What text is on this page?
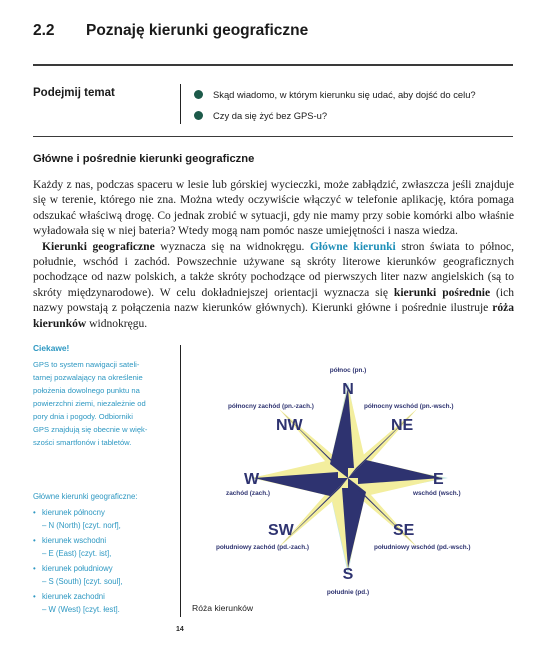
2.2 Poznaję kierunki geograficzne
Podejmij temat	Skąd wiadomo, w którym kierunku się udać, aby dojść do celu?
Czy da się żyć bez GPS-u?
Główne i pośrednie kierunki geograficzne

Każdy z nas, podczas spaceru w lesie lub górskiej wycieczki, może zabłądzić, zwłaszcza jeśli znajduje się w terenie, którego nie zna. Można wtedy oczywiście włączyć w telefonie aplikację, która pomaga odszukać właściwą drogę. Co jednak zrobić w sytuacji, gdy nie mamy przy sobie komórki albo właśnie wyładowała się w niej bateria? Wtedy mogą nam pomóc nasze umiejętności i nasza wiedza.

Kierunki geograficzne wyznacza się na widnokręgu. Główne kierunki stron świata to północ, południe, wschód i zachód. Powszechnie używane są skróty literowe kierunków geograficznych pochodzące od nazw polskich, a także skróty pochodzące od pierwszych liter nazw angielskich (są to skróty międzynarodowe). W celu dokładniejszej orientacji wyznacza się kierunki pośrednie (ich nazwy powstają z połączenia nazw kierunków głównych). Kierunki główne i pośrednie ilustruje róża kierunków widnokręgu.

Ciekawe!
GPS to system nawigacji sateli-
tarnej pozwalający na określenie
położenia dowolnego punktu na
powierzchni ziemi, niezależnie od
pory dnia i pogody. Odbiorniki
GPS znajdują się obecnie w więk-
szości smartfonów i tabletów.
Główne kierunki geograficzne:
• kierunek północny
– N (North) [czyt. norf],
• kierunek wschodni
– E (East) [czyt. ist],
• kierunek południowy
– S (South) [czyt. soul],
• kierunek zachodni
– W (West) [czyt. łest].
N
S
W	E
NW	NE
SW	SE
północ (pn.)
południe (pd.)
zachód (zach.)	wschód (wsch.)
północny zachód (pn.-zach.)	północny wschód (pn.-wsch.)
południowy zachód (pd.-zach.)	południowy wschód (pd.-wsch.)
Róża kierunków
14
